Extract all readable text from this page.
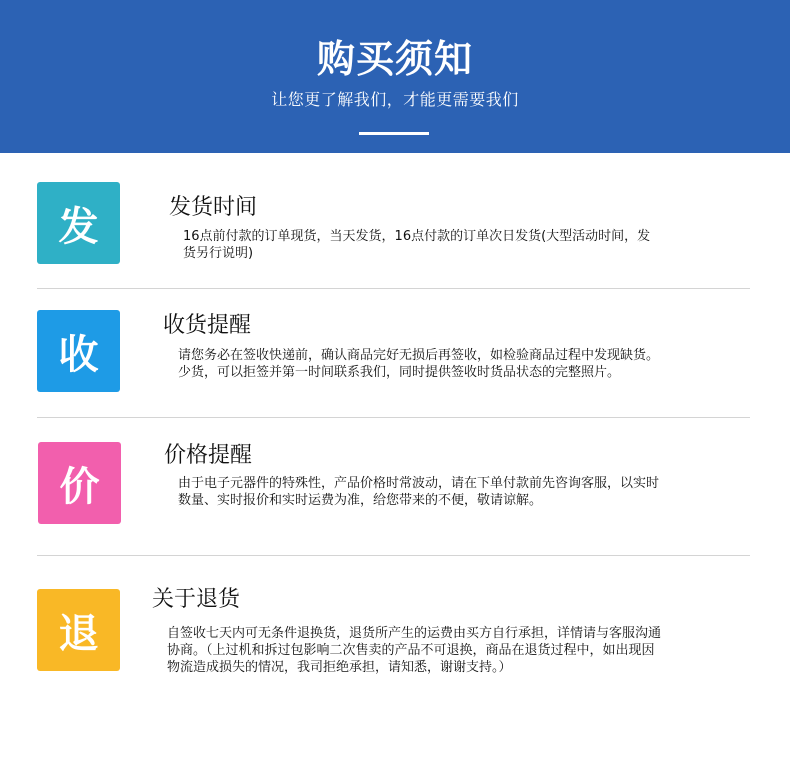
购买须知
让您更了解我们，才能更需要我们
发	发货时间
16点前付款的订单现货，当天发货，16点付款的订单次日发货(大型活动时间，发货另行说明)
收
收货提醒
请您务必在签收快递前，确认商品完好无损后再签收，如检验商品过程中发现缺货。少货，可以拒签并第一时间联系我们，同时提供签收时货品状态的完整照片。
价
价格提醒
由于电子元器件的特殊性，产品价格时常波动，请在下单付款前先咨询客服，以实时数量、实时报价和实时运费为准，给您带来的不便，敬请谅解。
退
关于退货
自签收七天内可无条件退换货，退货所产生的运费由买方自行承担，详情请与客服沟通协商。（上过机和拆过包影响二次售卖的产品不可退换，商品在退货过程中，如出现因物流造成损失的情况，我司拒绝承担，请知悉，谢谢支持。）
